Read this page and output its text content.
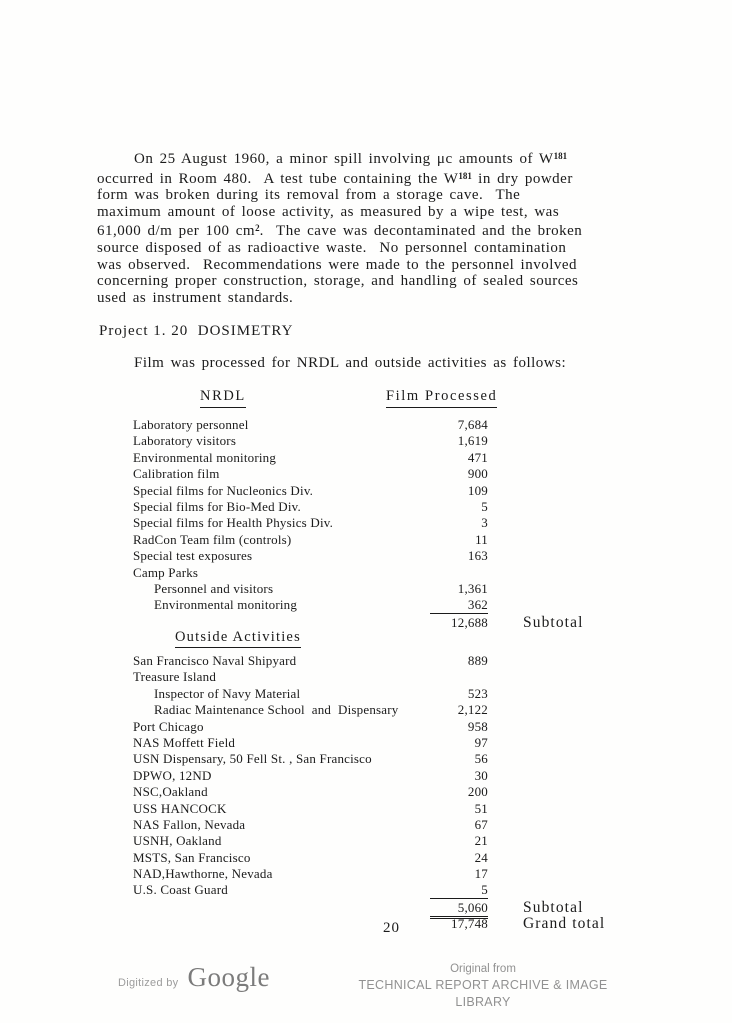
On 25 August 1960, a minor spill involving μc amounts of $W^{181}$
occurred in Room 480.  A test tube containing the $W^{181}$ in dry powder
form was broken during its removal from a storage cave.  The
maximum amount of loose activity, as measured by a wipe test, was
61,000 d/m per 100 $cm^2$.  The cave was decontaminated and the broken
source disposed of as radioactive waste.  No personnel contamination
was observed.  Recommendations were made to the personnel involved
concerning proper construction, storage, and handling of sealed sources
used as instrument standards.
Project 1. 20  DOSIMETRY
Film was processed for NRDL and outside activities as follows:
NRDL	Film Processed
Laboratory personnel	7,684
Laboratory visitors	1,619
Environmental monitoring	471
Calibration film	900
Special films for Nucleonics Div.	109
Special films for Bio-Med Div.	5
Special films for Health Physics Div.	3
RadCon Team film (controls)	11
Special test exposures	163
Camp Parks
Personnel and visitors	1,361
Environmental monitoring	362
12,688	Subtotal
Outside Activities
San Francisco Naval Shipyard	889
Treasure Island
Inspector of Navy Material	523
Radiac Maintenance School  and  Dispensary	2,122
Port Chicago	958
NAS Moffett Field	97
USN Dispensary, 50 Fell St. , San Francisco	56
DPWO, 12ND	30
NSC,Oakland	200
USS HANCOCK	51
NAS Fallon, Nevada	67
USNH, Oakland	21
MSTS, San Francisco	24
NAD,Hawthorne, Nevada	17
U.S. Coast Guard	5
5,060	Subtotal
17,748	Grand total
20
Digitized by Google	Original from
TECHNICAL REPORT ARCHIVE & IMAGE
LIBRARY
